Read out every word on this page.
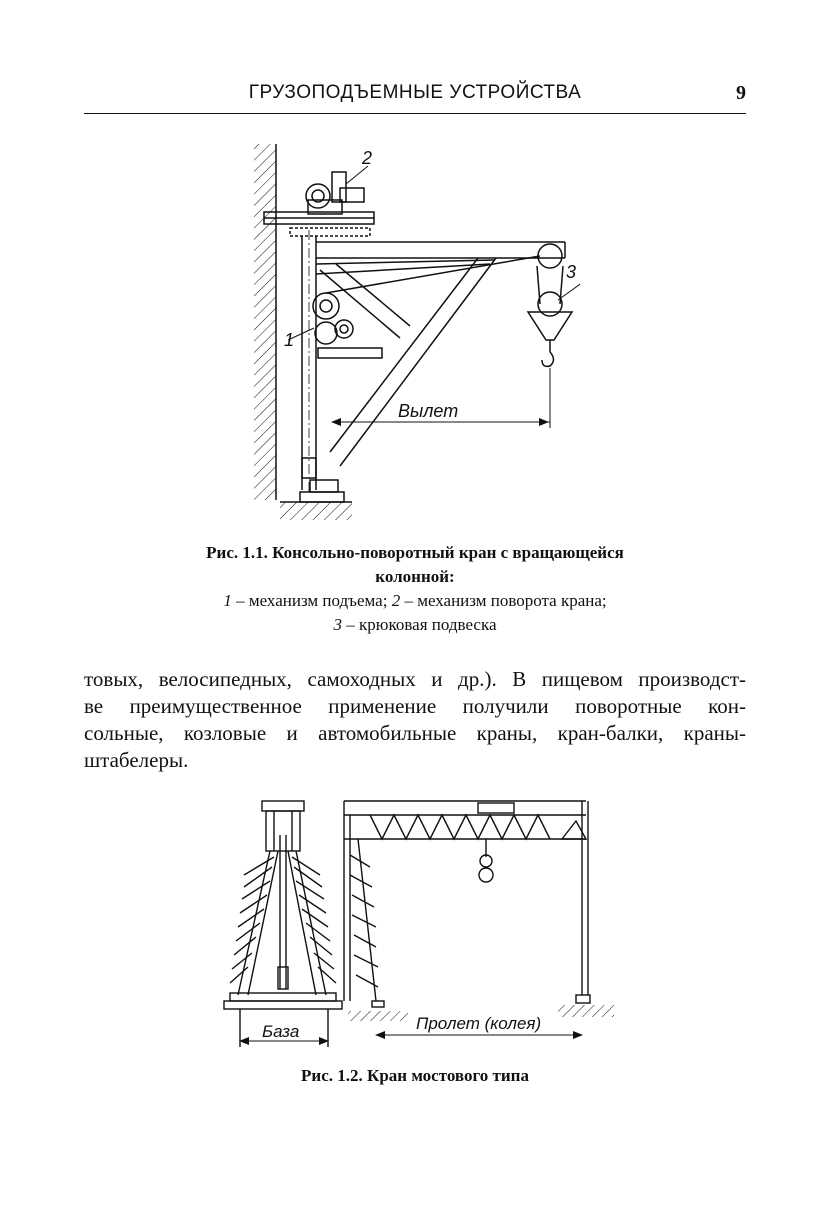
ГРУЗОПОДЪЕМНЫЕ УСТРОЙСТВА	9
Вылет
1
2
3
Рис. 1.1. Консольно-поворотный кран с вращающейся
колонной:
1 – механизм подъема; 2 – механизм поворота крана;
3 – крюковая подвеска
товых, велосипедных, самоходных и др.). В пищевом производст-
ве преимущественное применение получили поворотные кон-
сольные, козловые и автомобильные краны, кран-балки, краны-
штабелеры.
База	Пролет (колея)
Рис. 1.2. Кран мостового типа
